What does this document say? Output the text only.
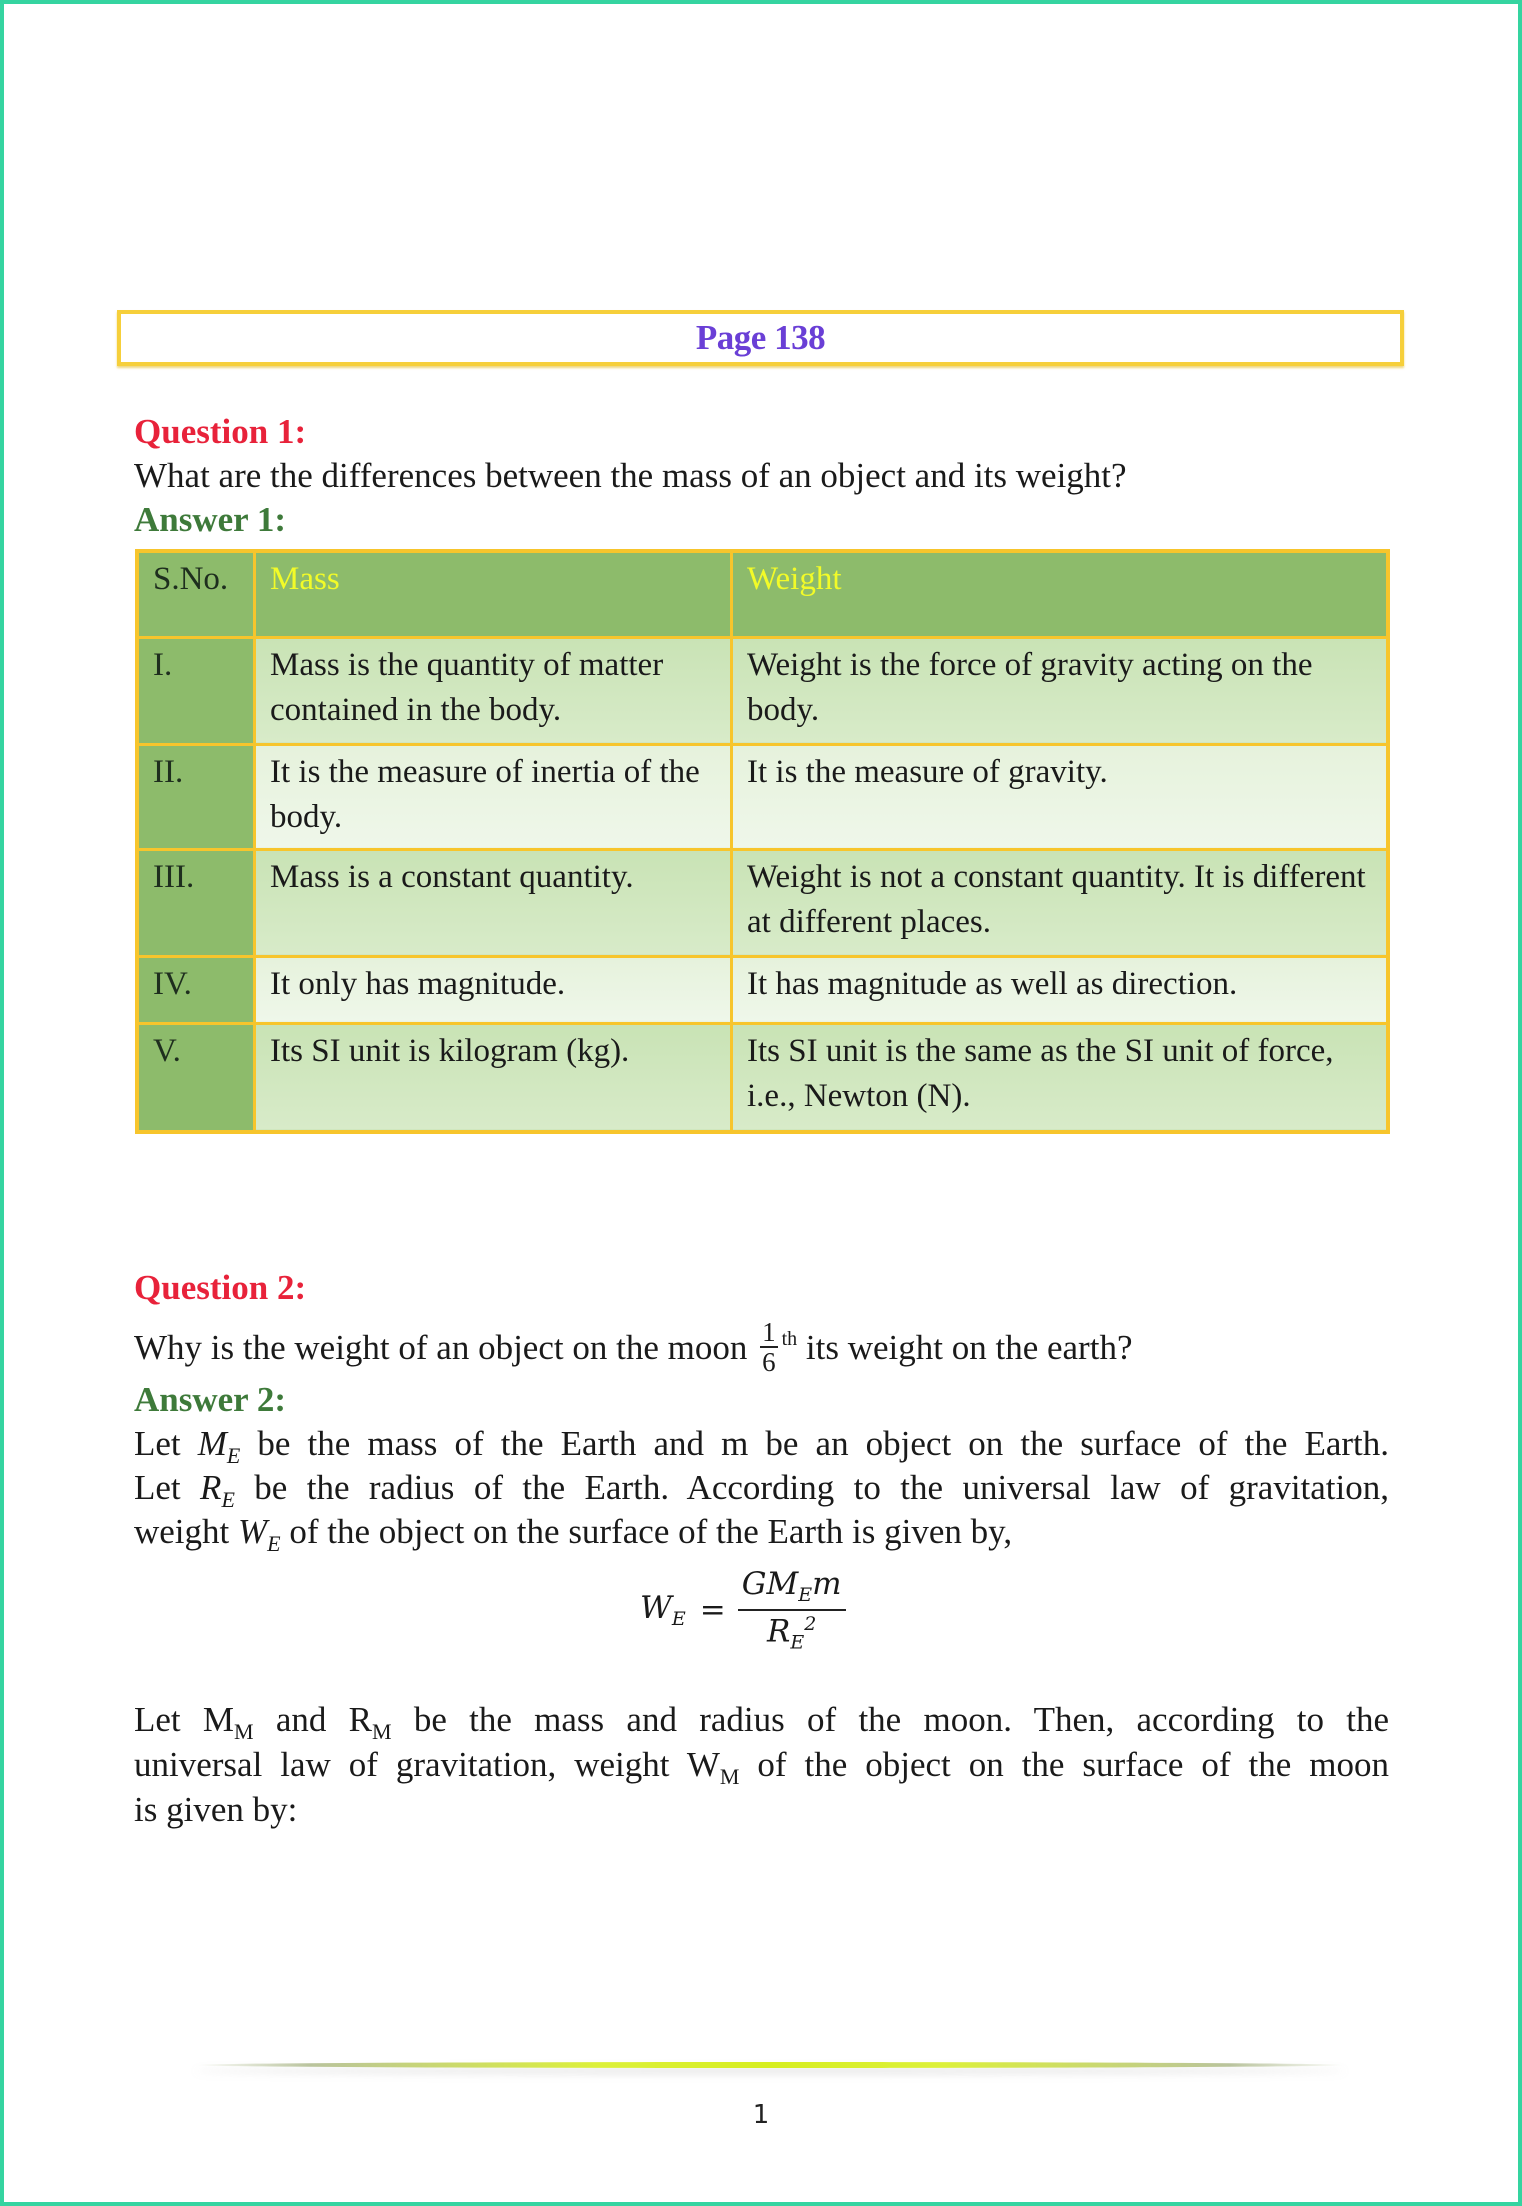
Page 138
Question 1:
What are the differences between the mass of an object and its weight?
Answer 1:
S.No.	Mass	Weight
I.	Mass is the quantity of matter contained in the body.	Weight is the force of gravity acting on the body.
II.	It is the measure of inertia of the body.	It is the measure of gravity.
III.	Mass is a constant quantity.	Weight is not a constant quantity. It is different at different places.
IV.	It only has magnitude.	It has magnitude as well as direction.
V.	Its SI unit is kilogram (kg).	Its SI unit is the same as the SI unit of force, i.e., Newton (N).
Question 2:
Why is the weight of an object on the moon $\frac{1}{6} ^{th}$ its weight on the earth?
Answer 2:
Let $M_E$ be the mass of the Earth and m be an object on the surface of the Earth.
Let $R_E$ be the radius of the Earth. According to the universal law of gravitation,
weight $W_E$ of the object on the surface of the Earth is given by,
$W_E$ =
$GM_Em$
$R_E^2$
Let $M_M$ and $R_M$ be the mass and radius of the moon. Then, according to the
universal law of gravitation, weight $W_M$ of the object on the surface of the moon
is given by:
1
